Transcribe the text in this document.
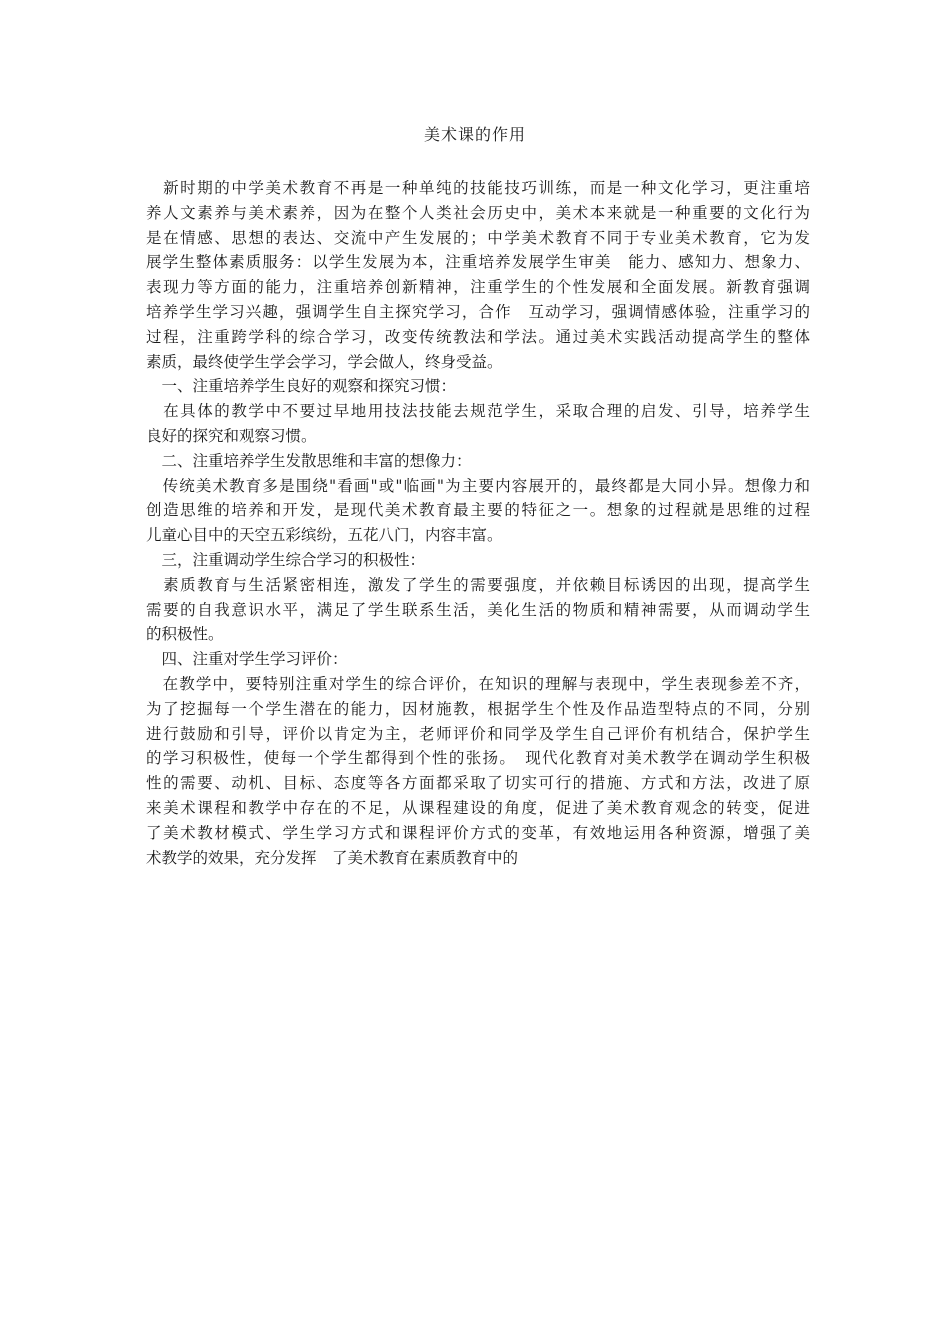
美术课的作用
　新时期的中学美术教育不再是一种单纯的技能技巧训练，而是一种文化学习，更注重培
养人文素养与美术素养，因为在整个人类社会历史中，美术本来就是一种重要的文化行为
是在情感、思想的表达、交流中产生发展的；中学美术教育不同于专业美术教育，它为发
展学生整体素质服务：以学生发展为本，注重培养发展学生审美　能力、感知力、想象力、
表现力等方面的能力，注重培养创新精神，注重学生的个性发展和全面发展。新教育强调
培养学生学习兴趣，强调学生自主探究学习，合作　互动学习，强调情感体验，注重学习的
过程，注重跨学科的综合学习，改变传统教法和学法。通过美术实践活动提高学生的整体
素质，最终使学生学会学习，学会做人，终身受益。
　一、注重培养学生良好的观察和探究习惯：
　在具体的教学中不要过早地用技法技能去规范学生，采取合理的启发、引导，培养学生
良好的探究和观察习惯。
　二、注重培养学生发散思维和丰富的想像力：
　传统美术教育多是围绕"看画"或"临画"为主要内容展开的，最终都是大同小异。想像力和
创造思维的培养和开发，是现代美术教育最主要的特征之一。想象的过程就是思维的过程
儿童心目中的天空五彩缤纷，五花八门，内容丰富。
　三，注重调动学生综合学习的积极性：
　素质教育与生活紧密相连，激发了学生的需要强度，并依赖目标诱因的出现，提高学生
需要的自我意识水平，满足了学生联系生活，美化生活的物质和精神需要，从而调动学生
的积极性。
　四、注重对学生学习评价：
　在教学中，要特别注重对学生的综合评价，在知识的理解与表现中，学生表现参差不齐，
为了挖掘每一个学生潜在的能力，因材施教，根据学生个性及作品造型特点的不同，分别
进行鼓励和引导，评价以肯定为主，老师评价和同学及学生自己评价有机结合，保护学生
的学习积极性，使每一个学生都得到个性的张扬。　现代化教育对美术教学在调动学生积极
性的需要、动机、目标、态度等各方面都采取了切实可行的措施、方式和方法，改进了原
来美术课程和教学中存在的不足，从课程建设的角度，促进了美术教育观念的转变，促进
了美术教材模式、学生学习方式和课程评价方式的变革，有效地运用各种资源，增强了美
术教学的效果，充分发挥　了美术教育在素质教育中的
